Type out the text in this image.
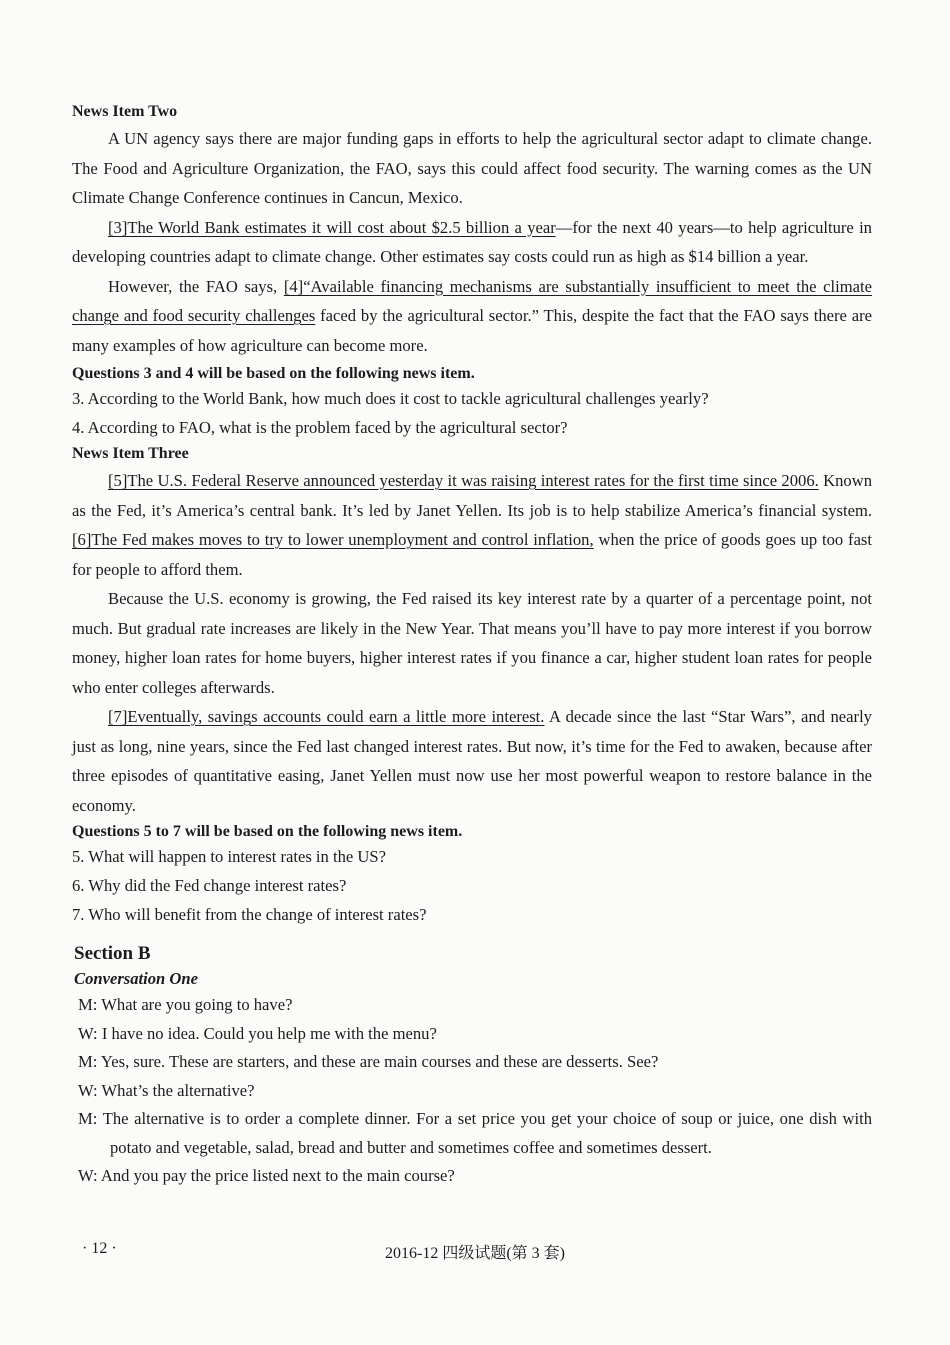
News Item Two

A UN agency says there are major funding gaps in efforts to help the agricultural sector adapt to climate change. The Food and Agriculture Organization, the FAO, says this could affect food security. The warning comes as the UN Climate Change Conference continues in Cancun, Mexico.

[3]The World Bank estimates it will cost about $2.5 billion a year—for the next 40 years—to help agriculture in developing countries adapt to climate change. Other estimates say costs could run as high as $14 billion a year.

However, the FAO says, [4]“Available financing mechanisms are substantially insufficient to meet the climate change and food security challenges faced by the agricultural sector.” This, despite the fact that the FAO says there are many examples of how agriculture can become more.

Questions 3 and 4 will be based on the following news item.

3. According to the World Bank, how much does it cost to tackle agricultural challenges yearly?

4. According to FAO, what is the problem faced by the agricultural sector?

News Item Three

[5]The U.S. Federal Reserve announced yesterday it was raising interest rates for the first time since 2006. Known as the Fed, it’s America’s central bank. It’s led by Janet Yellen. Its job is to help stabilize America’s financial system. [6]The Fed makes moves to try to lower unemployment and control inflation, when the price of goods goes up too fast for people to afford them.

Because the U.S. economy is growing, the Fed raised its key interest rate by a quarter of a percentage point, not much. But gradual rate increases are likely in the New Year. That means you’ll have to pay more interest if you borrow money, higher loan rates for home buyers, higher interest rates if you finance a car, higher student loan rates for people who enter colleges afterwards.

[7]Eventually, savings accounts could earn a little more interest. A decade since the last “Star Wars”, and nearly just as long, nine years, since the Fed last changed interest rates. But now, it’s time for the Fed to awaken, because after three episodes of quantitative easing, Janet Yellen must now use her most powerful weapon to restore balance in the economy.

Questions 5 to 7 will be based on the following news item.

5. What will happen to interest rates in the US?

6. Why did the Fed change interest rates?

7. Who will benefit from the change of interest rates?

Section B

Conversation One

M: What are you going to have?

W: I have no idea. Could you help me with the menu?

M: Yes, sure. These are starters, and these are main courses and these are desserts. See?

W: What’s the alternative?

M: The alternative is to order a complete dinner. For a set price you get your choice of soup or juice, one dish with potato and vegetable, salad, bread and butter and sometimes coffee and sometimes dessert.

W: And you pay the price listed next to the main course?

· 12 ·	2016-12 四级试题(第 3 套)
